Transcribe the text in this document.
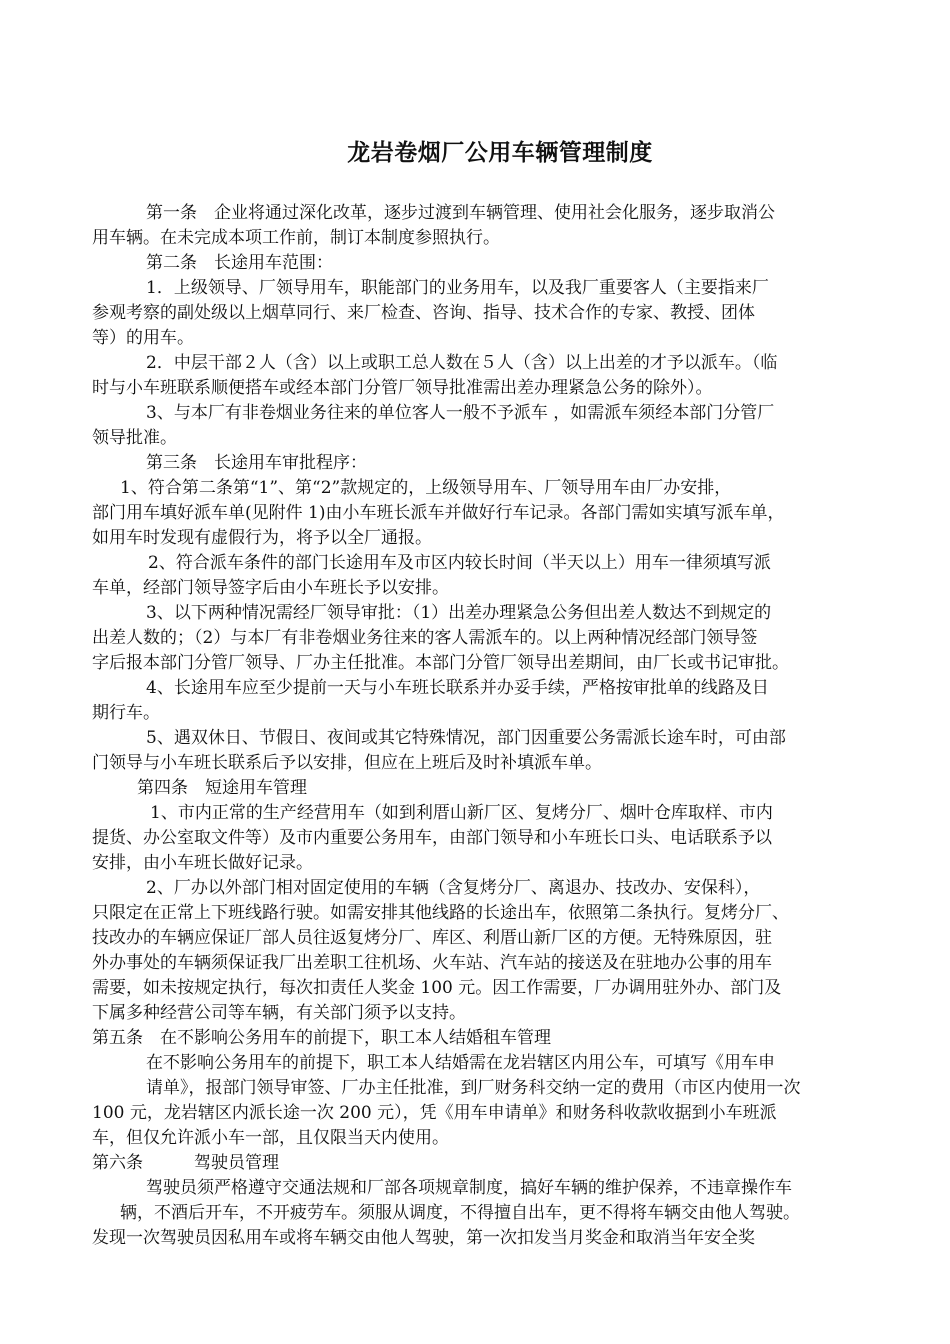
龙岩卷烟厂公用车辆管理制度
第一条　企业将通过深化改革，逐步过渡到车辆管理、使用社会化服务，逐步取消公
用车辆。在未完成本项工作前，制订本制度参照执行。
第二条　长途用车范围：
1．上级领导、厂领导用车，职能部门的业务用车，以及我厂重要客人（主要指来厂
参观考察的副处级以上烟草同行、来厂检查、咨询、指导、技术合作的专家、教授、团体
等）的用车。
2．中层干部２人（含）以上或职工总人数在５人（含）以上出差的才予以派车。（临
时与小车班联系顺便搭车或经本部门分管厂领导批准需出差办理紧急公务的除外）。
3、与本厂有非卷烟业务往来的单位客人一般不予派车 ，如需派车须经本部门分管厂
领导批准。
第三条　长途用车审批程序：
1、符合第二条第“1”、第“2”款规定的，上级领导用车、厂领导用车由厂办安排，
部门用车填好派车单(见附件 1)由小车班长派车并做好行车记录。各部门需如实填写派车单，
如用车时发现有虚假行为，将予以全厂通报。
2、符合派车条件的部门长途用车及市区内较长时间（半天以上）用车一律须填写派
车单，经部门领导签字后由小车班长予以安排。
3、以下两种情况需经厂领导审批：（1）出差办理紧急公务但出差人数达不到规定的
出差人数的；（2）与本厂有非卷烟业务往来的客人需派车的。以上两种情况经部门领导签
字后报本部门分管厂领导、厂办主任批准。本部门分管厂领导出差期间，由厂长或书记审批。
4、长途用车应至少提前一天与小车班长联系并办妥手续，严格按审批单的线路及日
期行车。
5、遇双休日、节假日、夜间或其它特殊情况，部门因重要公务需派长途车时，可由部
门领导与小车班长联系后予以安排，但应在上班后及时补填派车单。
第四条　短途用车管理
1、市内正常的生产经营用车（如到利厝山新厂区、复烤分厂、烟叶仓库取样、市内
提货、办公室取文件等）及市内重要公务用车，由部门领导和小车班长口头、电话联系予以
安排，由小车班长做好记录。
2、厂办以外部门相对固定使用的车辆（含复烤分厂、离退办、技改办、安保科），
只限定在正常上下班线路行驶。如需安排其他线路的长途出车，依照第二条执行。复烤分厂、
技改办的车辆应保证厂部人员往返复烤分厂、库区、利厝山新厂区的方便。无特殊原因，驻
外办事处的车辆须保证我厂出差职工往机场、火车站、汽车站的接送及在驻地办公事的用车
需要，如未按规定执行，每次扣责任人奖金 100 元。因工作需要，厂办调用驻外办、部门及
下属多种经营公司等车辆，有关部门须予以支持。
第五条　在不影响公务用车的前提下，职工本人结婚租车管理
在不影响公务用车的前提下，职工本人结婚需在龙岩辖区内用公车，可填写《用车申
请单》，报部门领导审签、厂办主任批准，到厂财务科交纳一定的费用（市区内使用一次
100 元，龙岩辖区内派长途一次 200 元），凭《用车申请单》和财务科收款收据到小车班派
车，但仅允许派小车一部，且仅限当天内使用。
第六条　　　驾驶员管理
驾驶员须严格遵守交通法规和厂部各项规章制度，搞好车辆的维护保养，不违章操作车
辆，不酒后开车，不开疲劳车。须服从调度，不得擅自出车，更不得将车辆交由他人驾驶。
发现一次驾驶员因私用车或将车辆交由他人驾驶，第一次扣发当月奖金和取消当年安全奖
